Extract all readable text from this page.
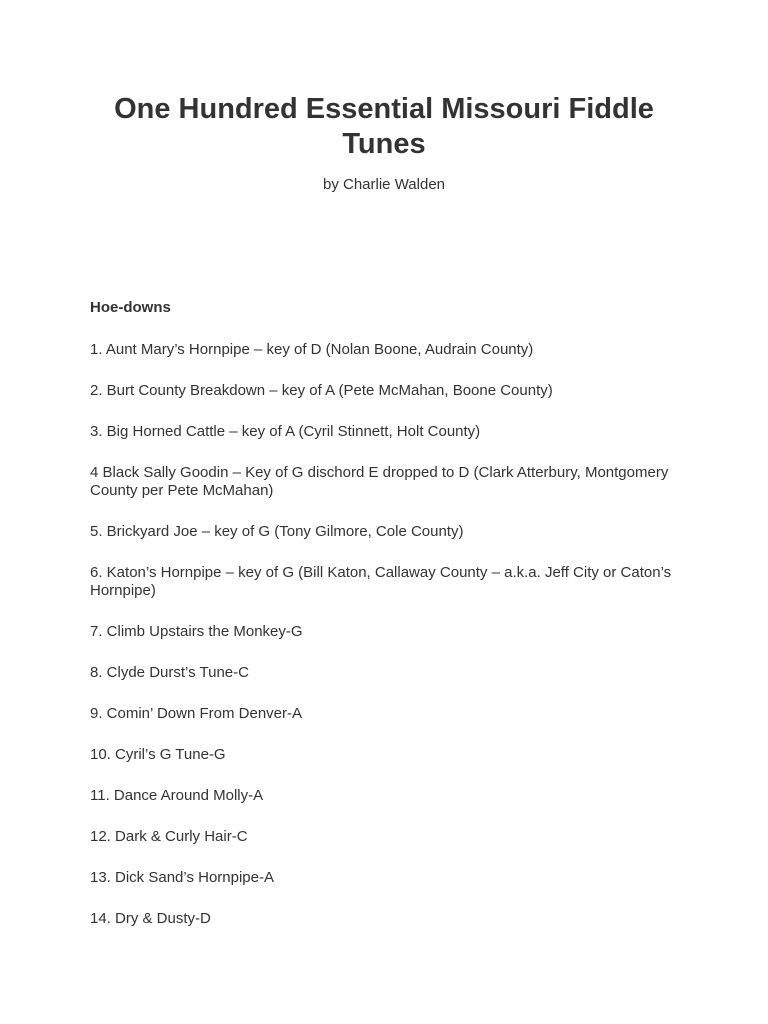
One Hundred Essential Missouri Fiddle Tunes

by Charlie Walden

Hoe-downs

1. Aunt Mary’s Hornpipe – key of D (Nolan Boone, Audrain County)
2. Burt County Breakdown – key of A (Pete McMahan, Boone County)
3. Big Horned Cattle – key of A (Cyril Stinnett, Holt County)
4 Black Sally Goodin – Key of G dischord E dropped to D (Clark Atterbury, Montgomery County per Pete McMahan)
5. Brickyard Joe – key of G (Tony Gilmore, Cole County)
6. Katon’s Hornpipe – key of G (Bill Katon, Callaway County – a.k.a. Jeff City or Caton’s Hornpipe)
7. Climb Upstairs the Monkey-G
8. Clyde Durst’s Tune-C
9. Comin’ Down From Denver-A
10. Cyril’s G Tune-G
11. Dance Around Molly-A
12. Dark & Curly Hair-C
13. Dick Sand’s Hornpipe-A
14. Dry & Dusty-D
